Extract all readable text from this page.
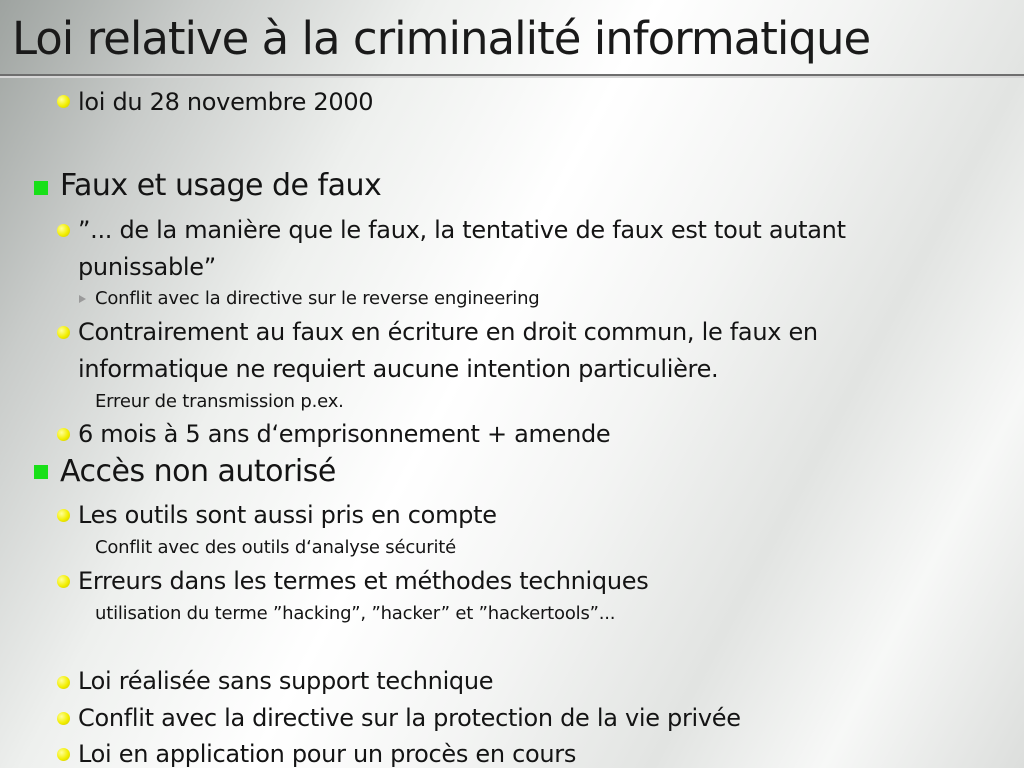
Loi relative à la criminalité informatique
loi du 28 novembre 2000
Faux et usage de faux
”... de la manière que le faux, la tentative de faux est tout autant
punissable”
Conflit avec la directive sur le reverse engineering
Contrairement au faux en écriture en droit commun, le faux en
informatique ne requiert aucune intention particulière.
Erreur de transmission p.ex.
6 mois à 5 ans d‘emprisonnement + amende
Accès non autorisé
Les outils sont aussi pris en compte
Conflit avec des outils d‘analyse sécurité
Erreurs dans les termes et méthodes techniques
utilisation du terme ”hacking”, ”hacker” et ”hackertools”...
Loi réalisée sans support technique
Conflit avec la directive sur la protection de la vie privée
Loi en application pour un procès en cours
